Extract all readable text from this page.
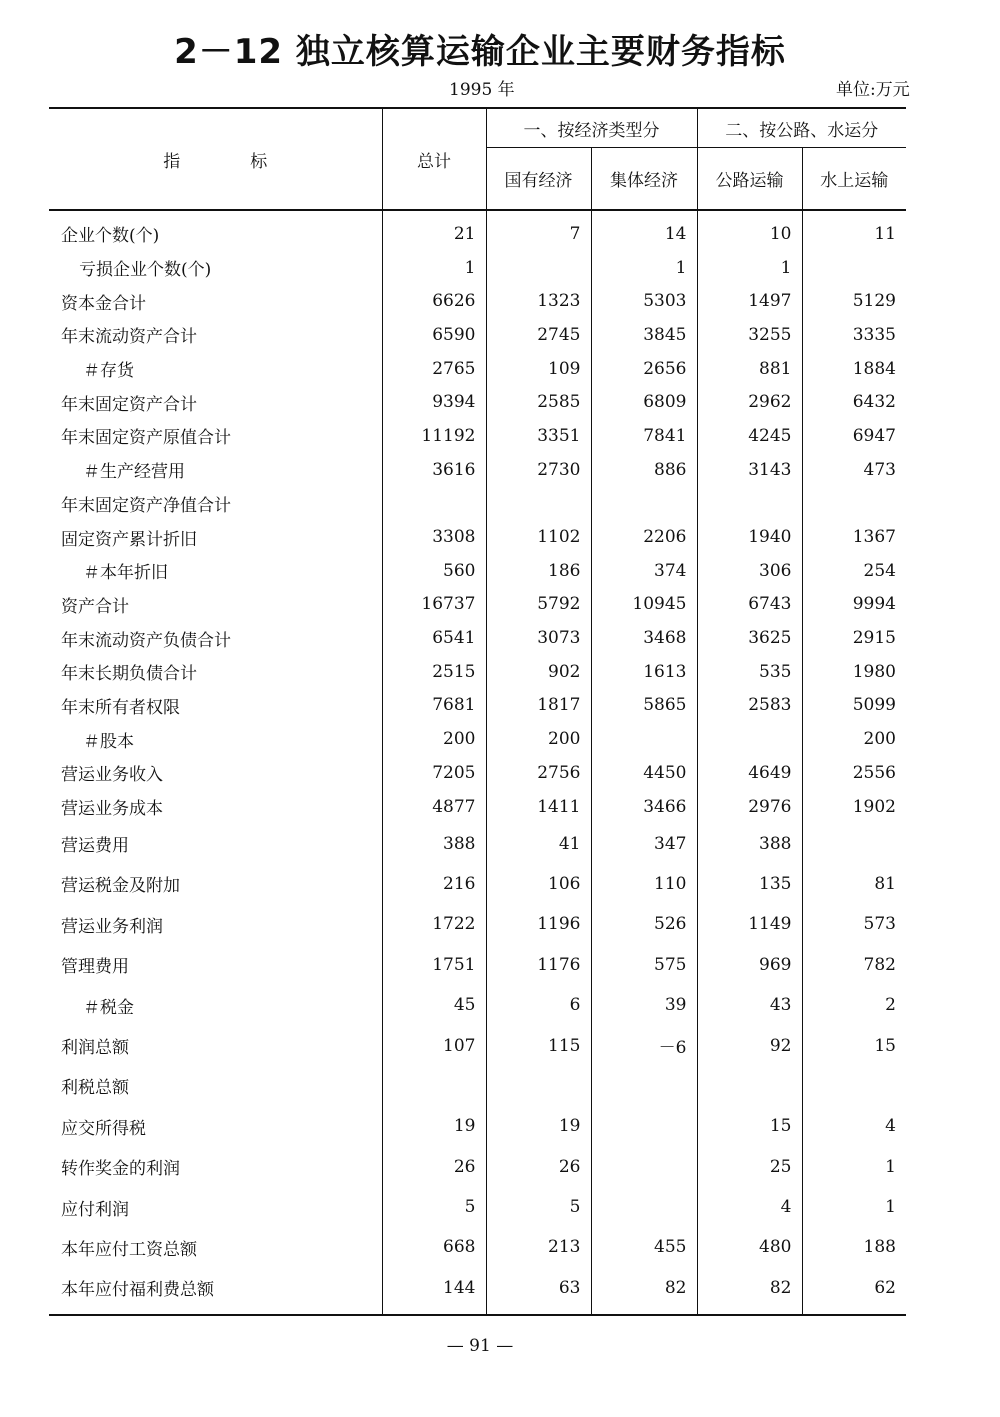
2－12 独立核算运输企业主要财务指标
1995 年	单位:万元
指 标	总计	一、按经济类型分		二、按公路、水运分	
		国有经济	集体经济	公路运输	水上运输
企业个数(个)	21	7	14	10	11
亏损企业个数(个)	1		1	1	
资本金合计	6626	1323	5303	1497	5129
年末流动资产合计	6590	2745	3845	3255	3335
＃存货	2765	109	2656	881	1884
年末固定资产合计	9394	2585	6809	2962	6432
年末固定资产原值合计	11192	3351	7841	4245	6947
＃生产经营用	3616	2730	886	3143	473
年末固定资产净值合计					
固定资产累计折旧	3308	1102	2206	1940	1367
＃本年折旧	560	186	374	306	254
资产合计	16737	5792	10945	6743	9994
年末流动资产负债合计	6541	3073	3468	3625	2915
年末长期负债合计	2515	902	1613	535	1980
年末所有者权限	7681	1817	5865	2583	5099
＃股本	200	200			200
营运业务收入	7205	2756	4450	4649	2556
营运业务成本	4877	1411	3466	2976	1902
营运费用	388	41	347	388	
营运税金及附加	216	106	110	135	81
营运业务利润	1722	1196	526	1149	573
管理费用	1751	1176	575	969	782
＃税金	45	6	39	43	2
利润总额	107	115	－6	92	15
利税总额					
应交所得税	19	19		15	4
转作奖金的利润	26	26		25	1
应付利润	5	5		4	1
本年应付工资总额	668	213	455	480	188
本年应付福利费总额	144	63	82	82	62
— 91 —
